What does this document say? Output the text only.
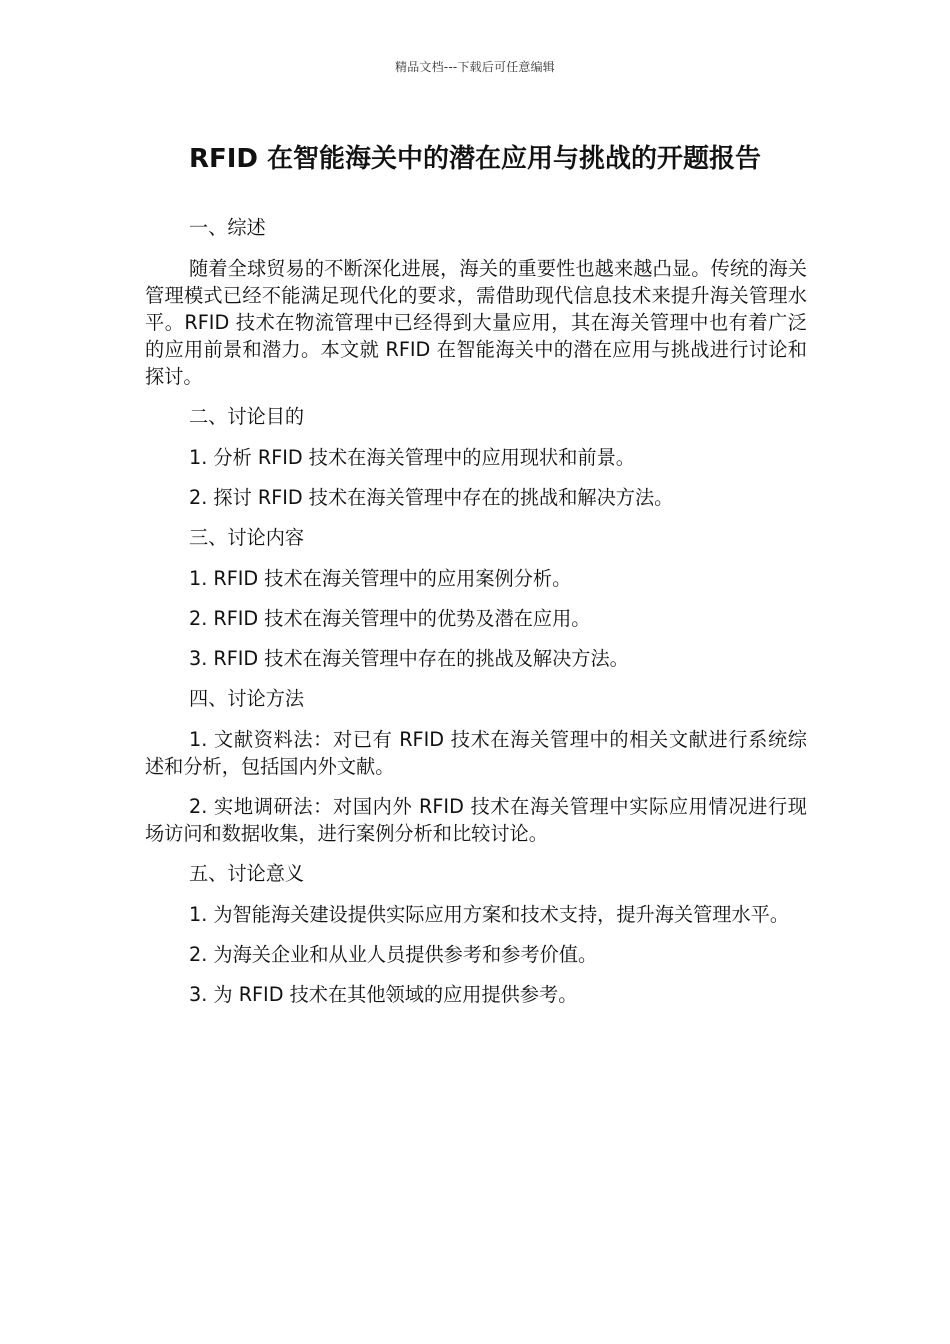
精品文档---下载后可任意编辑
RFID 在智能海关中的潜在应用与挑战的开题报告

一、综述

随着全球贸易的不断深化进展，海关的重要性也越来越凸显。传统的海关管理模式已经不能满足现代化的要求，需借助现代信息技术来提升海关管理水平。RFID 技术在物流管理中已经得到大量应用，其在海关管理中也有着广泛的应用前景和潜力。本文就 RFID 在智能海关中的潜在应用与挑战进行讨论和探讨。

二、讨论目的

1. 分析 RFID 技术在海关管理中的应用现状和前景。

2. 探讨 RFID 技术在海关管理中存在的挑战和解决方法。

三、讨论内容

1. RFID 技术在海关管理中的应用案例分析。

2. RFID 技术在海关管理中的优势及潜在应用。

3. RFID 技术在海关管理中存在的挑战及解决方法。

四、讨论方法

1. 文献资料法：对已有 RFID 技术在海关管理中的相关文献进行系统综述和分析，包括国内外文献。

2. 实地调研法：对国内外 RFID 技术在海关管理中实际应用情况进行现场访问和数据收集，进行案例分析和比较讨论。

五、讨论意义

1. 为智能海关建设提供实际应用方案和技术支持，提升海关管理水平。

2. 为海关企业和从业人员提供参考和参考价值。

3. 为 RFID 技术在其他领域的应用提供参考。
